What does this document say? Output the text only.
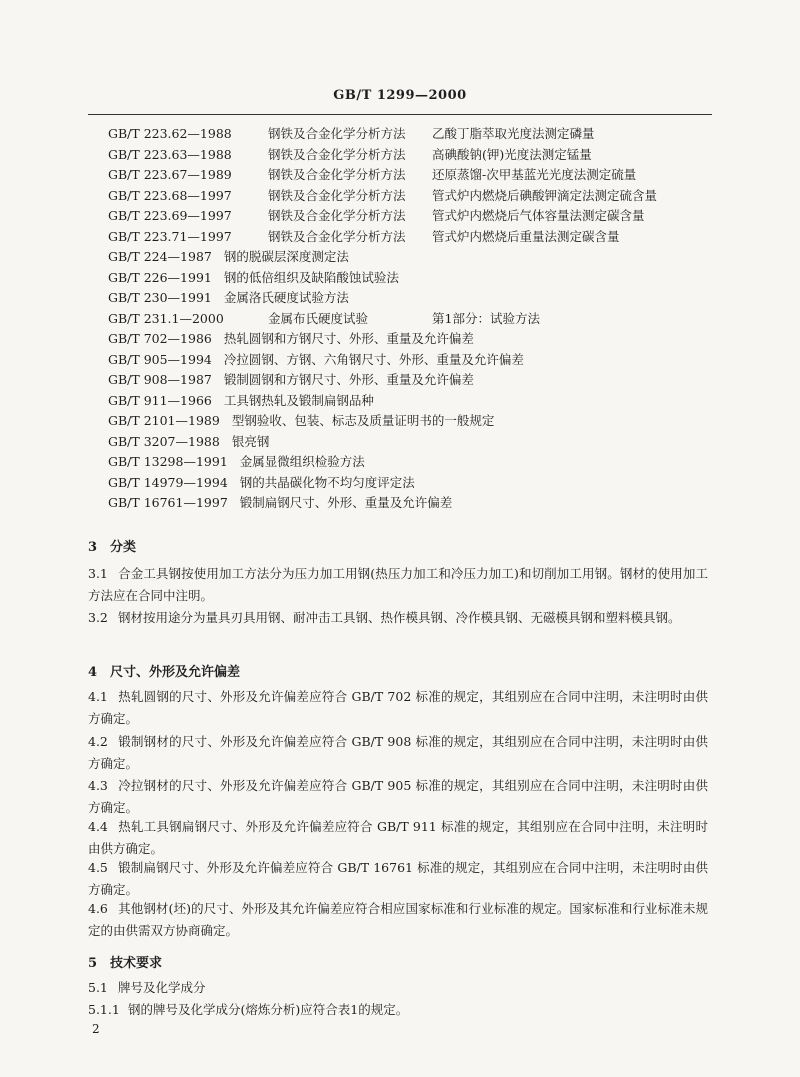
GB/T 1299—2000
GB/T 223.62—1988	钢铁及合金化学分析方法 乙酸丁脂萃取光度法测定磷量
GB/T 223.63—1988	钢铁及合金化学分析方法 高碘酸钠(钾)光度法测定锰量
GB/T 223.67—1989	钢铁及合金化学分析方法 还原蒸馏-次甲基蓝光光度法测定硫量
GB/T 223.68—1997	钢铁及合金化学分析方法 管式炉内燃烧后碘酸钾滴定法测定硫含量
GB/T 223.69—1997	钢铁及合金化学分析方法 管式炉内燃烧后气体容量法测定碳含量
GB/T 223.71—1997	钢铁及合金化学分析方法 管式炉内燃烧后重量法测定碳含量
GB/T 224—1987 钢的脱碳层深度测定法
GB/T 226—1991 钢的低倍组织及缺陷酸蚀试验法
GB/T 230—1991 金属洛氏硬度试验方法
GB/T 231.1—2000	金属布氏硬度试验	第1部分：试验方法
GB/T 702—1986 热轧圆钢和方钢尺寸、外形、重量及允许偏差
GB/T 905—1994 冷拉圆钢、方钢、六角钢尺寸、外形、重量及允许偏差
GB/T 908—1987 锻制圆钢和方钢尺寸、外形、重量及允许偏差
GB/T 911—1966 工具钢热轧及锻制扁钢品种
GB/T 2101—1989 型钢验收、包装、标志及质量证明书的一般规定
GB/T 3207—1988 银亮钢
GB/T 13298—1991 金属显微组织检验方法
GB/T 14979—1994 钢的共晶碳化物不均匀度评定法
GB/T 16761—1997 锻制扁钢尺寸、外形、重量及允许偏差
3 分类
3.1 合金工具钢按使用加工方法分为压力加工用钢(热压力加工和冷压力加工)和切削加工用钢。钢材的使用加工方法应在合同中注明。
3.2 钢材按用途分为量具刃具用钢、耐冲击工具钢、热作模具钢、冷作模具钢、无磁模具钢和塑料模具钢。
4 尺寸、外形及允许偏差
4.1 热轧圆钢的尺寸、外形及允许偏差应符合 GB/T 702 标准的规定，其组别应在合同中注明，未注明时由供方确定。
4.2 锻制钢材的尺寸、外形及允许偏差应符合 GB/T 908 标准的规定，其组别应在合同中注明，未注明时由供方确定。
4.3 冷拉钢材的尺寸、外形及允许偏差应符合 GB/T 905 标准的规定，其组别应在合同中注明，未注明时由供方确定。
4.4 热轧工具钢扁钢尺寸、外形及允许偏差应符合 GB/T 911 标准的规定，其组别应在合同中注明，未注明时由供方确定。
4.5 锻制扁钢尺寸、外形及允许偏差应符合 GB/T 16761 标准的规定，其组别应在合同中注明，未注明时由供方确定。
4.6 其他钢材(坯)的尺寸、外形及其允许偏差应符合相应国家标准和行业标准的规定。国家标准和行业标准未规定的由供需双方协商确定。
5 技术要求
5.1 牌号及化学成分
5.1.1 钢的牌号及化学成分(熔炼分析)应符合表1的规定。
2
